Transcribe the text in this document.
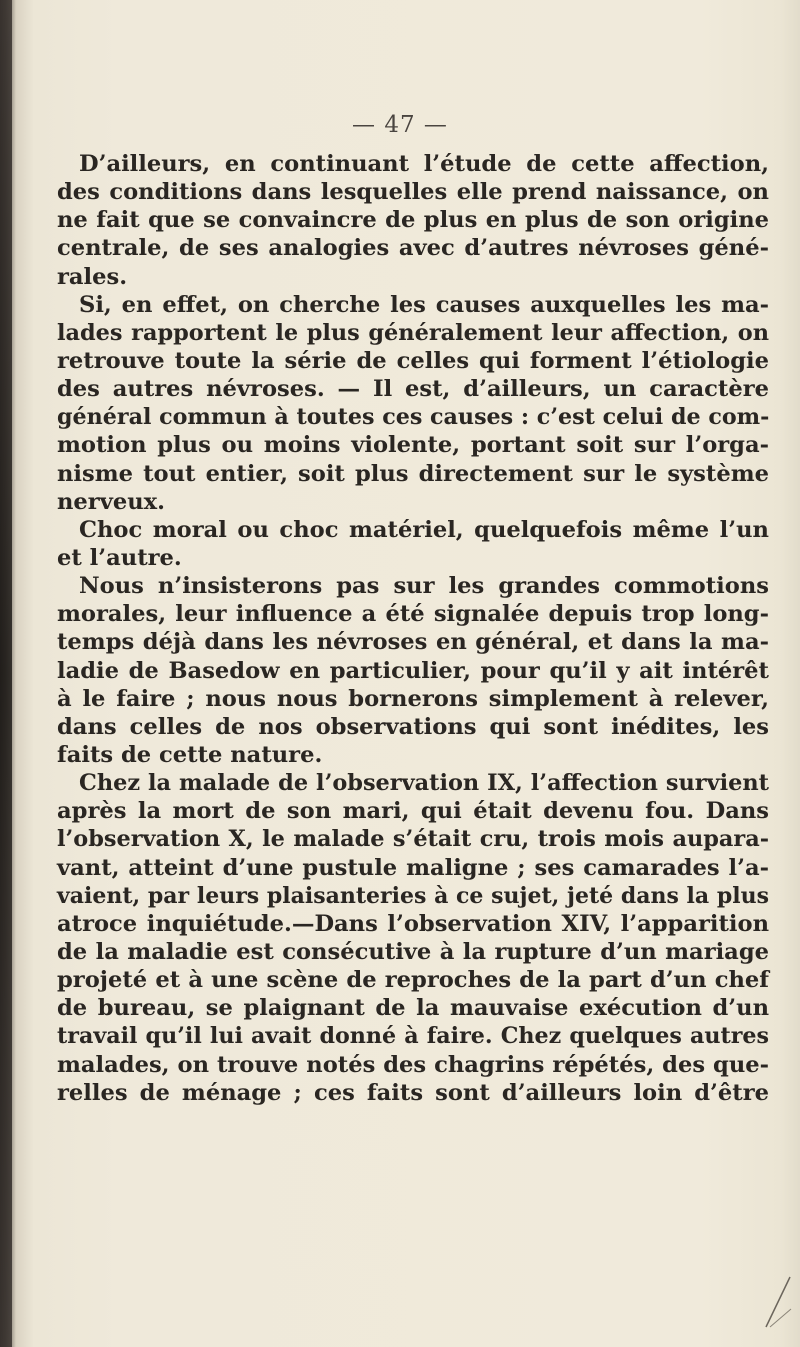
— 47 —
D’ailleurs, en continuant l’étude de cette affection,
des conditions dans lesquelles elle prend naissance, on
ne fait que se convaincre de plus en plus de son origine
centrale, de ses analogies avec d’autres névroses géné-
rales.
Si, en effet, on cherche les causes auxquelles les ma-
lades rapportent le plus généralement leur affection, on
retrouve toute la série de celles qui forment l’étiologie
des autres névroses. — Il est, d’ailleurs, un caractère
général commun à toutes ces causes : c’est celui de com-
motion plus ou moins violente, portant soit sur l’orga-
nisme tout entier, soit plus directement sur le système
nerveux.
Choc moral ou choc matériel, quelquefois même l’un
et l’autre.
Nous n’insisterons pas sur les grandes commotions
morales, leur influence a été signalée depuis trop long-
temps déjà dans les névroses en général, et dans la ma-
ladie de Basedow en particulier, pour qu’il y ait intérêt
à le faire ; nous nous bornerons simplement à relever,
dans celles de nos observations qui sont inédites, les
faits de cette nature.
Chez la malade de l’observation IX, l’affection survient
après la mort de son mari, qui était devenu fou. Dans
l’observation X, le malade s’était cru, trois mois aupara-
vant, atteint d’une pustule maligne ; ses camarades l’a-
vaient, par leurs plaisanteries à ce sujet, jeté dans la plus
atroce inquiétude.—Dans l’observation XIV, l’apparition
de la maladie est consécutive à la rupture d’un mariage
projeté et à une scène de reproches de la part d’un chef
de bureau, se plaignant de la mauvaise exécution d’un
travail qu’il lui avait donné à faire. Chez quelques autres
malades, on trouve notés des chagrins répétés, des que-
relles de ménage ; ces faits sont d’ailleurs loin d’être
